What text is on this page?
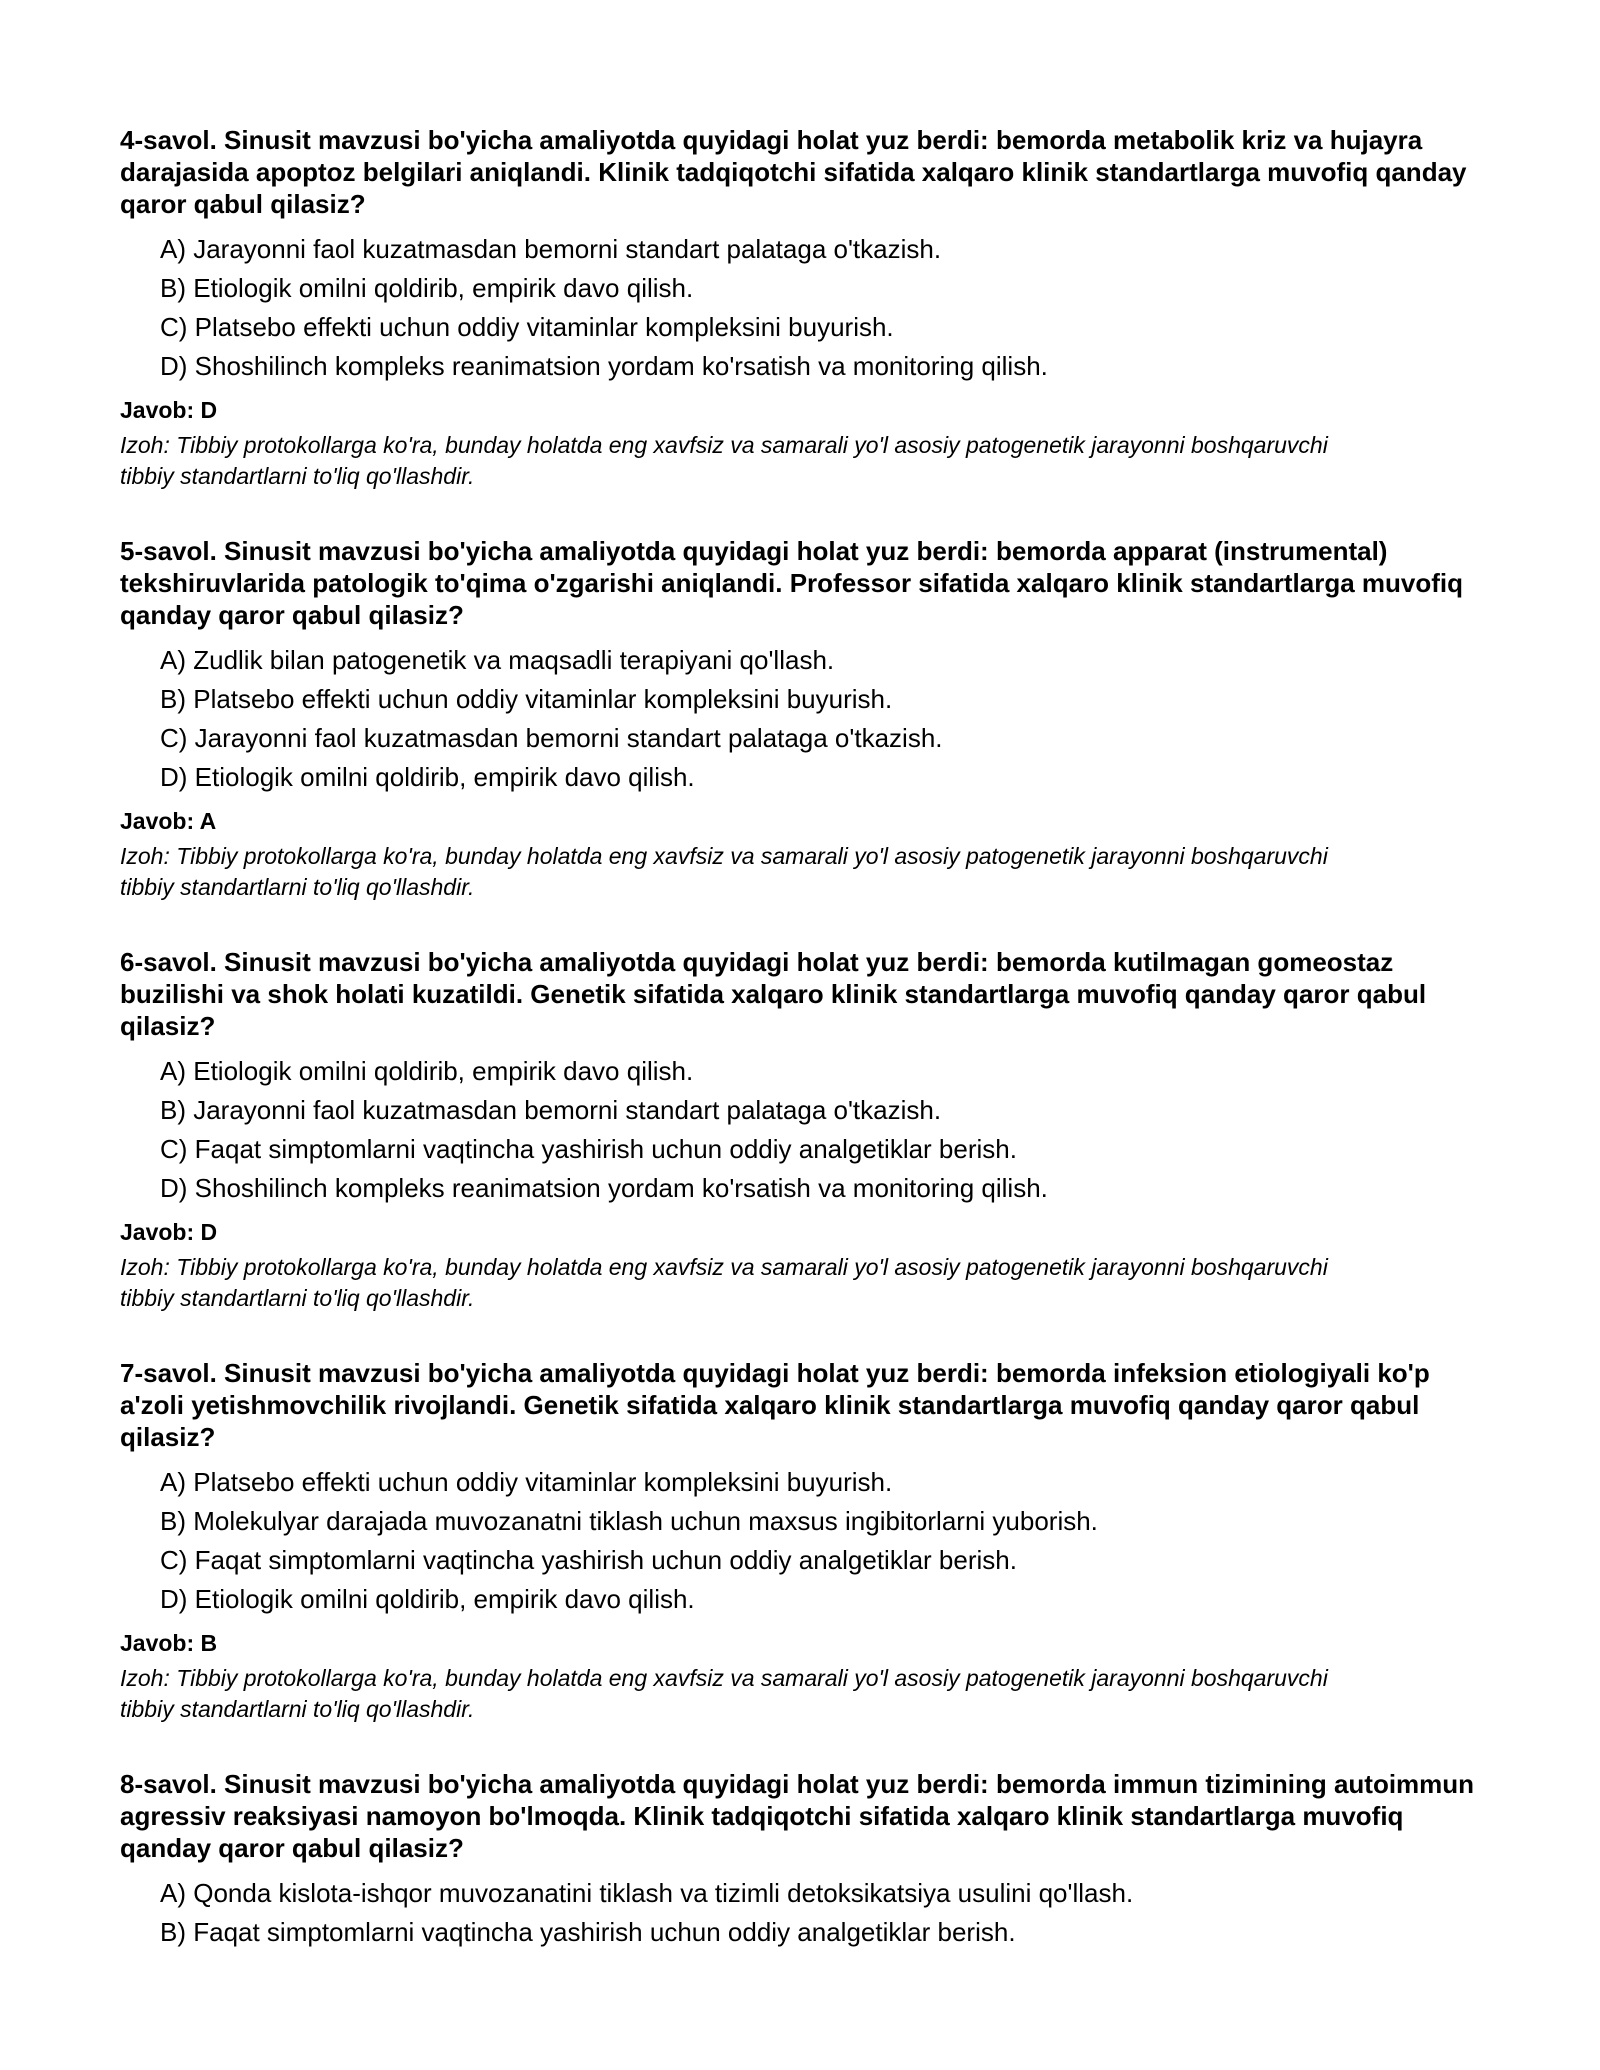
4-savol. Sinusit mavzusi bo'yicha amaliyotda quyidagi holat yuz berdi: bemorda metabolik kriz va hujayra darajasida apoptoz belgilari aniqlandi. Klinik tadqiqotchi sifatida xalqaro klinik standartlarga muvofiq qanday qaror qabul qilasiz?
A) Jarayonni faol kuzatmasdan bemorni standart palataga o'tkazish.
B) Etiologik omilni qoldirib, empirik davo qilish.
C) Platsebo effekti uchun oddiy vitaminlar kompleksini buyurish.
D) Shoshilinch kompleks reanimatsion yordam ko'rsatish va monitoring qilish.
Javob: D
Izoh: Tibbiy protokollarga ko'ra, bunday holatda eng xavfsiz va samarali yo'l asosiy patogenetik jarayonni boshqaruvchi tibbiy standartlarni to'liq qo'llashdir.
5-savol. Sinusit mavzusi bo'yicha amaliyotda quyidagi holat yuz berdi: bemorda apparat (instrumental) tekshiruvlarida patologik to'qima o'zgarishi aniqlandi. Professor sifatida xalqaro klinik standartlarga muvofiq qanday qaror qabul qilasiz?
A) Zudlik bilan patogenetik va maqsadli terapiyani qo'llash.
B) Platsebo effekti uchun oddiy vitaminlar kompleksini buyurish.
C) Jarayonni faol kuzatmasdan bemorni standart palataga o'tkazish.
D) Etiologik omilni qoldirib, empirik davo qilish.
Javob: A
Izoh: Tibbiy protokollarga ko'ra, bunday holatda eng xavfsiz va samarali yo'l asosiy patogenetik jarayonni boshqaruvchi tibbiy standartlarni to'liq qo'llashdir.
6-savol. Sinusit mavzusi bo'yicha amaliyotda quyidagi holat yuz berdi: bemorda kutilmagan gomeostaz buzilishi va shok holati kuzatildi. Genetik sifatida xalqaro klinik standartlarga muvofiq qanday qaror qabul qilasiz?
A) Etiologik omilni qoldirib, empirik davo qilish.
B) Jarayonni faol kuzatmasdan bemorni standart palataga o'tkazish.
C) Faqat simptomlarni vaqtincha yashirish uchun oddiy analgetiklar berish.
D) Shoshilinch kompleks reanimatsion yordam ko'rsatish va monitoring qilish.
Javob: D
Izoh: Tibbiy protokollarga ko'ra, bunday holatda eng xavfsiz va samarali yo'l asosiy patogenetik jarayonni boshqaruvchi tibbiy standartlarni to'liq qo'llashdir.
7-savol. Sinusit mavzusi bo'yicha amaliyotda quyidagi holat yuz berdi: bemorda infeksion etiologiyali ko'p a'zoli yetishmovchilik rivojlandi. Genetik sifatida xalqaro klinik standartlarga muvofiq qanday qaror qabul qilasiz?
A) Platsebo effekti uchun oddiy vitaminlar kompleksini buyurish.
B) Molekulyar darajada muvozanatni tiklash uchun maxsus ingibitorlarni yuborish.
C) Faqat simptomlarni vaqtincha yashirish uchun oddiy analgetiklar berish.
D) Etiologik omilni qoldirib, empirik davo qilish.
Javob: B
Izoh: Tibbiy protokollarga ko'ra, bunday holatda eng xavfsiz va samarali yo'l asosiy patogenetik jarayonni boshqaruvchi tibbiy standartlarni to'liq qo'llashdir.
8-savol. Sinusit mavzusi bo'yicha amaliyotda quyidagi holat yuz berdi: bemorda immun tizimining autoimmun agressiv reaksiyasi namoyon bo'lmoqda. Klinik tadqiqotchi sifatida xalqaro klinik standartlarga muvofiq qanday qaror qabul qilasiz?
A) Qonda kislota-ishqor muvozanatini tiklash va tizimli detoksikatsiya usulini qo'llash.
B) Faqat simptomlarni vaqtincha yashirish uchun oddiy analgetiklar berish.
